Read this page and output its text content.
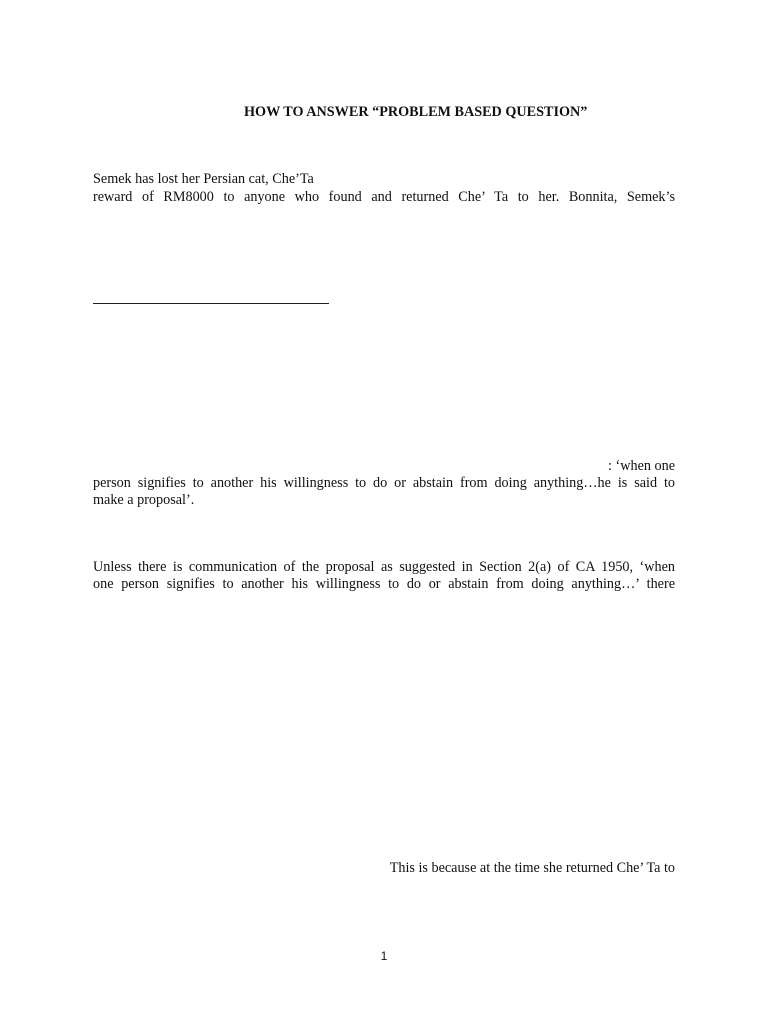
HOW TO ANSWER “PROBLEM BASED QUESTION”
Semek has lost her Persian cat, Che’Ta
reward of RM8000 to anyone who found and returned Che’ Ta to her. Bonnita, Semek’s
: ‘when one
person signifies to another his willingness to do or abstain from doing anything…he is said to
make a proposal’.
Unless there is communication of the proposal as suggested in Section 2(a) of CA 1950, ‘when
one person signifies to another his willingness to do or abstain from doing anything…’ there
This is because at the time she returned Che’ Ta to
1
